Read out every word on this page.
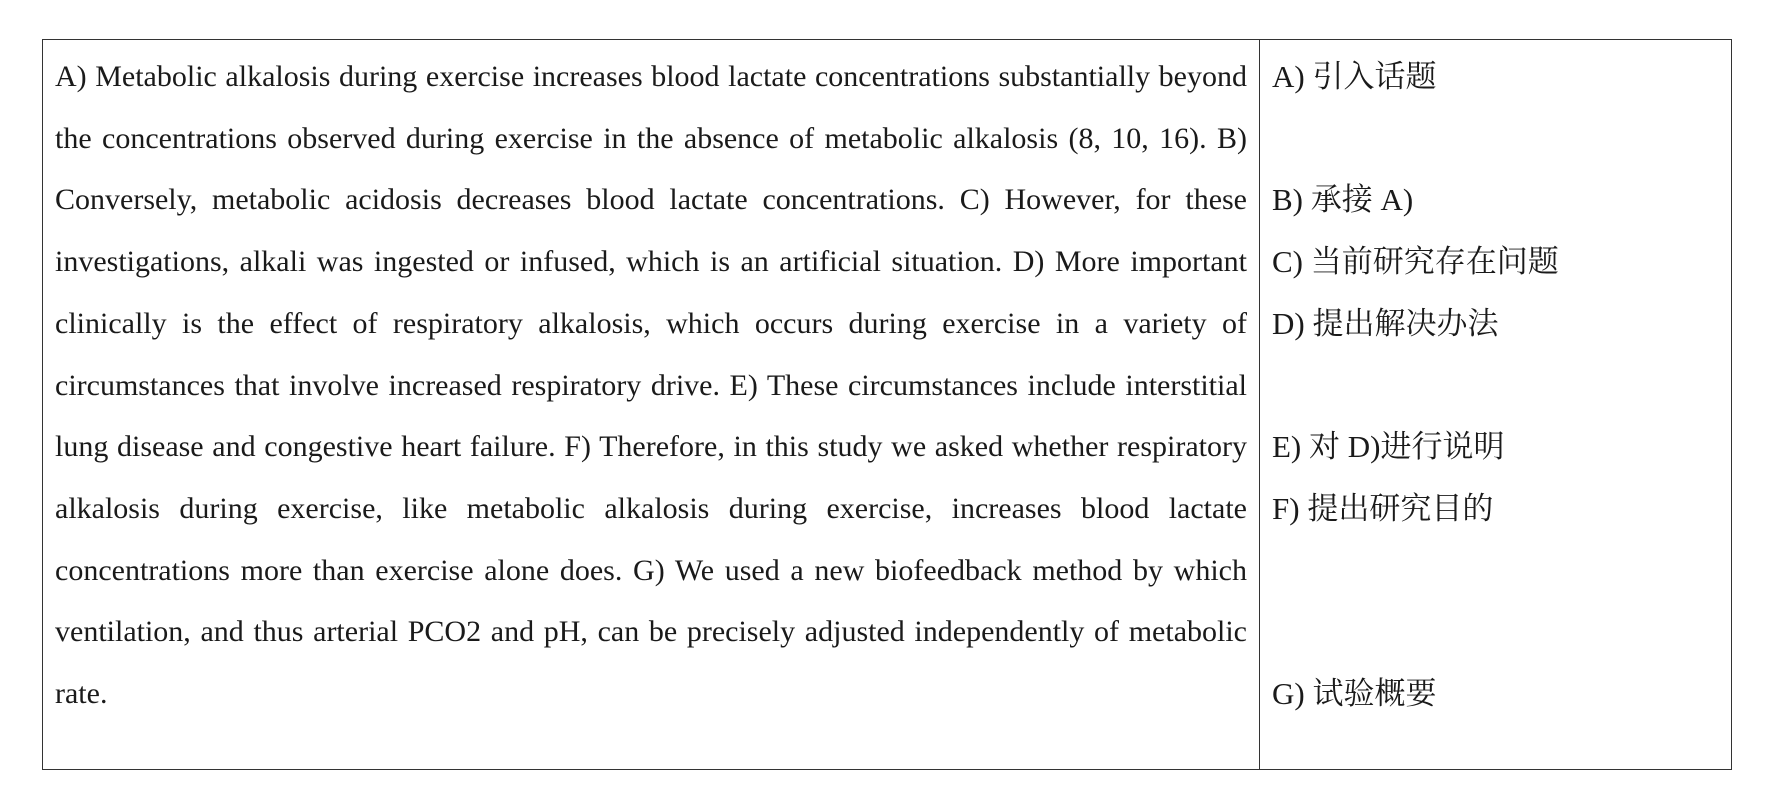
A) Metabolic alkalosis during exercise increases blood lactate concentrations substantially beyond the concentrations observed during exercise in the absence of metabolic alkalosis (8, 10, 16). B) Conversely, metabolic acidosis decreases blood lactate concentrations. C) However, for these investigations, alkali was ingested or infused, which is an artificial situation. D) More important clinically is the effect of respiratory alkalosis, which occurs during exercise in a variety of circumstances that involve increased respiratory drive. E) These circumstances include interstitial lung disease and congestive heart failure. F) Therefore, in this study we asked whether respiratory alkalosis during exercise, like metabolic alkalosis during exercise, increases blood lactate concentrations more than exercise alone does. G) We used a new biofeedback method by which ventilation, and thus arterial PCO2 and pH, can be precisely adjusted independently of metabolic rate.

A) 引入话题
B) 承接 A)
C) 当前研究存在问题
D) 提出解决办法
E) 对 D)进行说明
F) 提出研究目的
G) 试验概要
